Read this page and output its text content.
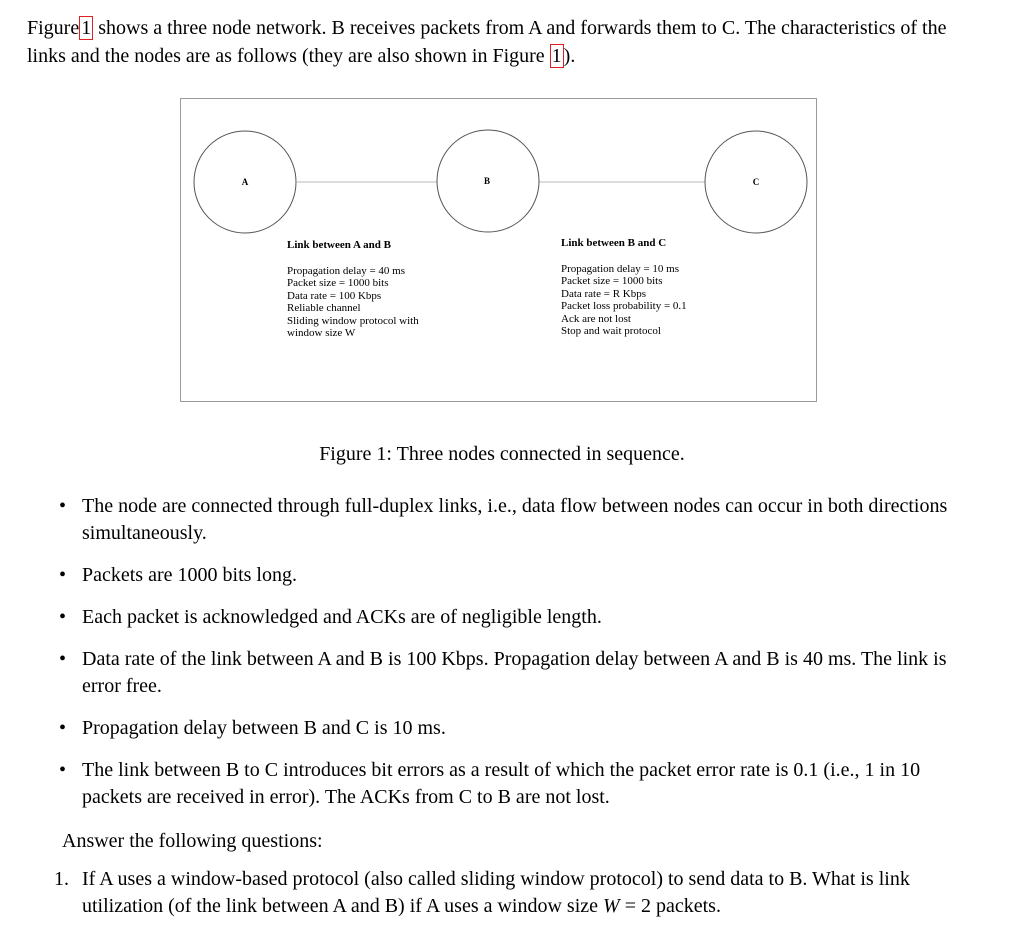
Figure 1 shows a three node network. B receives packets from A and forwards them to C. The characteristics of the links and the nodes are as follows (they are also shown in Figure 1 ).
A	B	C
Link between A and B
Propagation delay = 40 ms
Packet size = 1000 bits
Data rate = 100 Kbps
Reliable channel
Sliding window protocol with
window size W
Link between B and C
Propagation delay = 10 ms
Packet size = 1000 bits
Data rate = R Kbps
Packet loss probability = 0.1
Ack are not lost
Stop and wait protocol
Figure 1: Three nodes connected in sequence.
• The node are connected through full-duplex links, i.e., data flow between nodes can occur in both directions simultaneously.
• Packets are 1000 bits long.
• Each packet is acknowledged and ACKs are of negligible length.
• Data rate of the link between A and B is 100 Kbps. Propagation delay between A and B is 40 ms. The link is error free.
• Propagation delay between B and C is 10 ms.
• The link between B to C introduces bit errors as a result of which the packet error rate is 0.1 (i.e., 1 in 10 packets are received in error). The ACKs from C to B are not lost.
Answer the following questions:
1. If A uses a window-based protocol (also called sliding window protocol) to send data to B. What is link utilization (of the link between A and B) if A uses a window size W = 2 packets.
